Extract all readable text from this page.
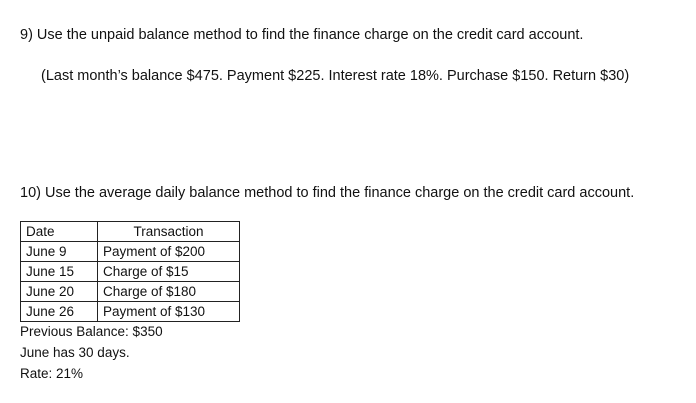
9) Use the unpaid balance method to find the finance charge on the credit card account.
(Last month’s balance $475. Payment $225. Interest rate 18%. Purchase $150. Return $30)
10) Use the average daily balance method to find the finance charge on the credit card account.
Date	Transaction
June 9	Payment of $200
June 15	Charge of $15
June 20	Charge of $180
June 26	Payment of $130
Previous Balance: $350
June has 30 days.
Rate: 21%
